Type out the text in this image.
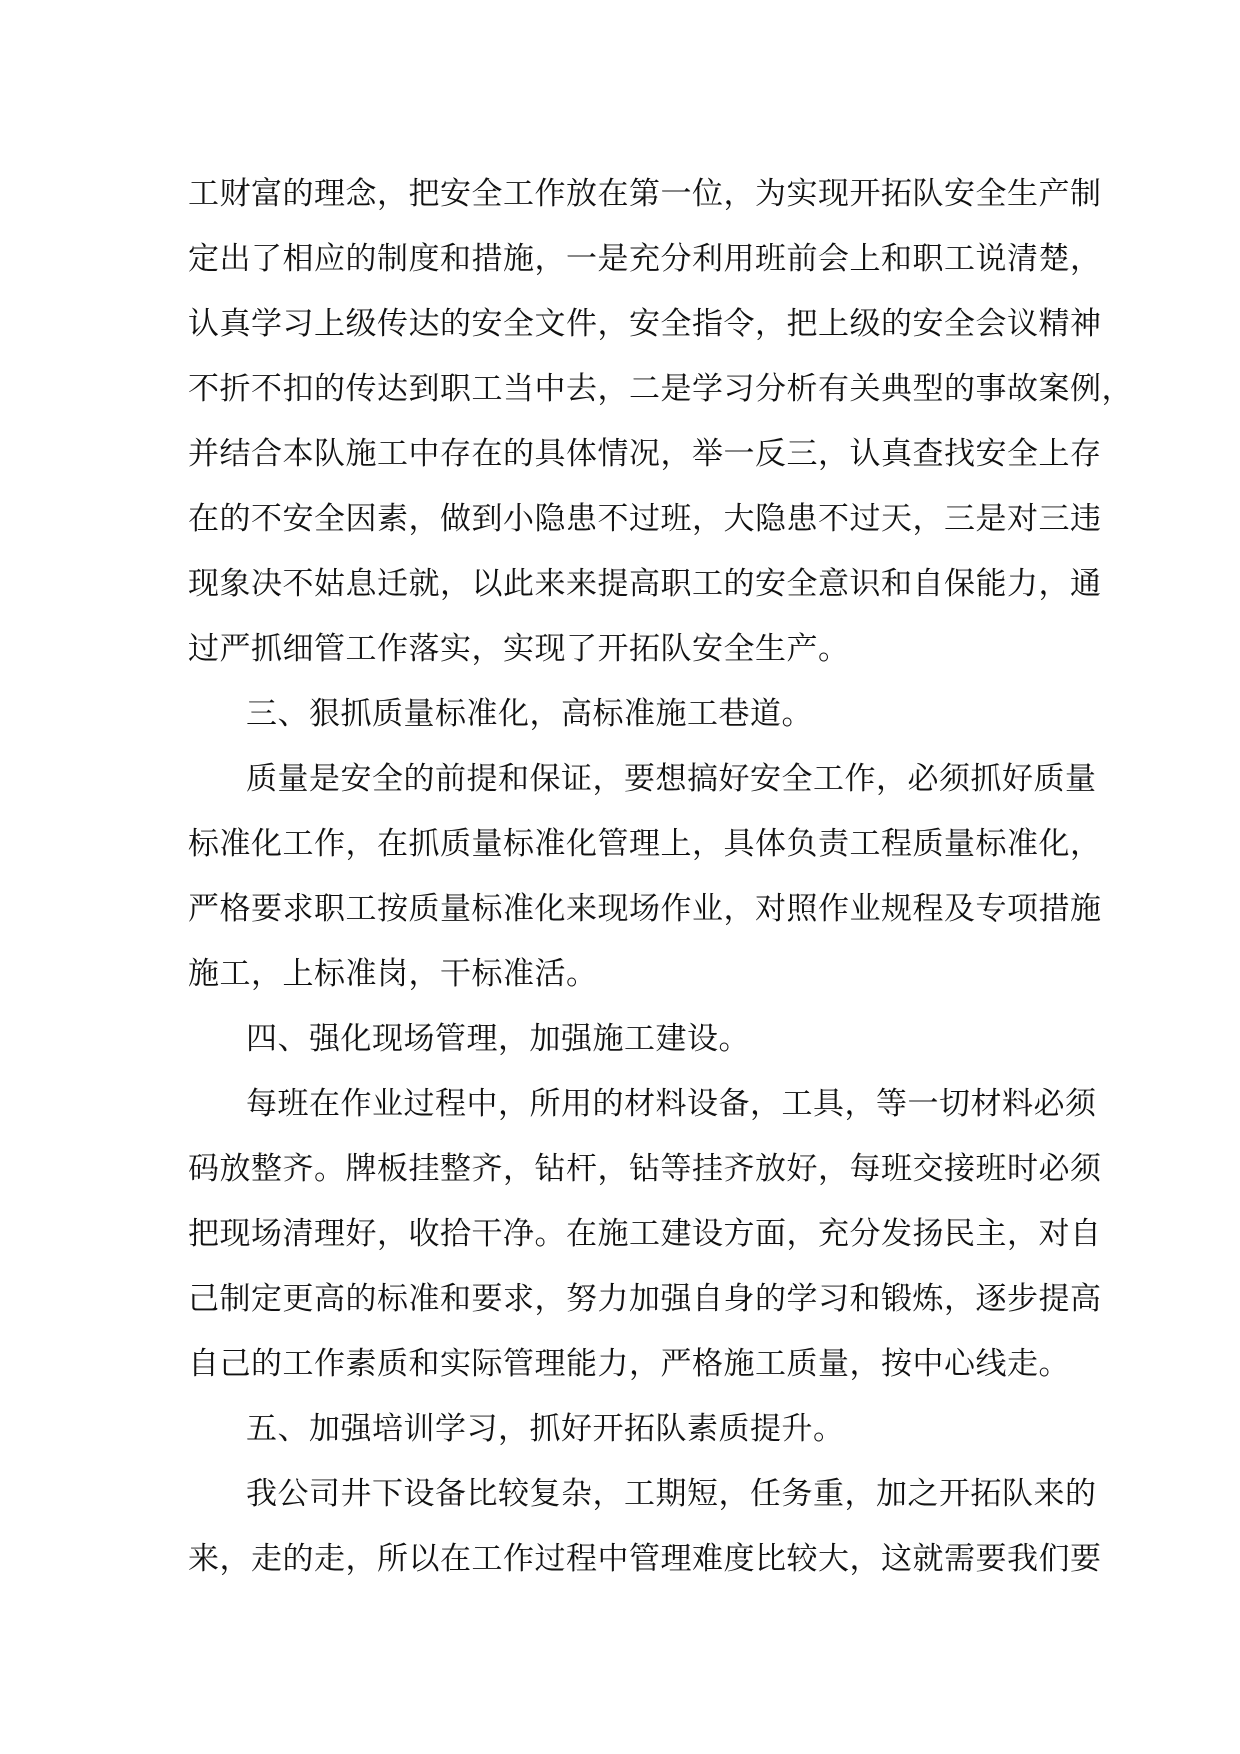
工财富的理念，把安全工作放在第一位，为实现开拓队安全生产制
定出了相应的制度和措施，一是充分利用班前会上和职工说清楚，
认真学习上级传达的安全文件，安全指令，把上级的安全会议精神
不折不扣的传达到职工当中去，二是学习分析有关典型的事故案例，
并结合本队施工中存在的具体情况，举一反三，认真查找安全上存
在的不安全因素，做到小隐患不过班，大隐患不过天，三是对三违
现象决不姑息迁就，以此来来提高职工的安全意识和自保能力，通
过严抓细管工作落实，实现了开拓队安全生产。
三、狠抓质量标准化，高标准施工巷道。
质量是安全的前提和保证，要想搞好安全工作，必须抓好质量
标准化工作，在抓质量标准化管理上，具体负责工程质量标准化，
严格要求职工按质量标准化来现场作业，对照作业规程及专项措施
施工，上标准岗，干标准活。
四、强化现场管理，加强施工建设。
每班在作业过程中，所用的材料设备，工具，等一切材料必须
码放整齐。牌板挂整齐，钻杆，钻等挂齐放好，每班交接班时必须
把现场清理好，收拾干净。在施工建设方面，充分发扬民主，对自
己制定更高的标准和要求，努力加强自身的学习和锻炼，逐步提高
自己的工作素质和实际管理能力，严格施工质量，按中心线走。
五、加强培训学习，抓好开拓队素质提升。
我公司井下设备比较复杂，工期短，任务重，加之开拓队来的
来，走的走，所以在工作过程中管理难度比较大，这就需要我们要
